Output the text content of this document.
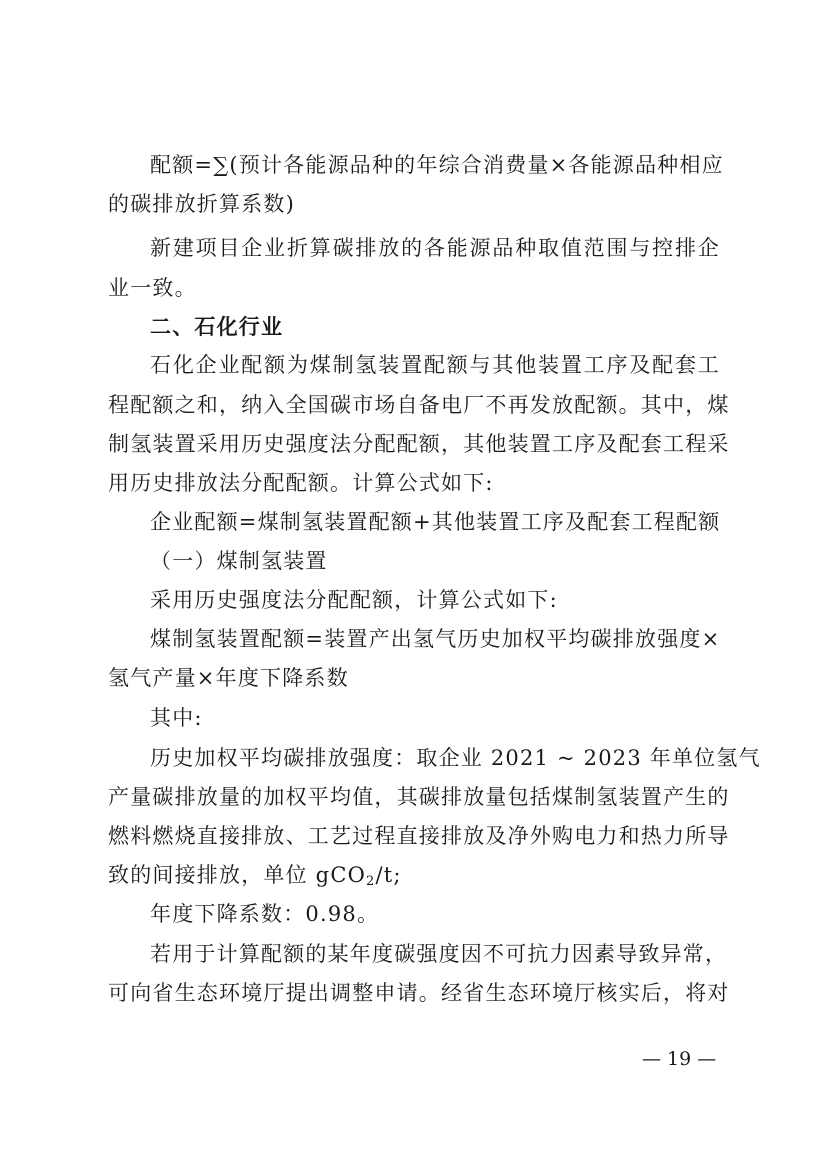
配额=∑(预计各能源品种的年综合消费量×各能源品种相应
的碳排放折算系数)
新建项目企业折算碳排放的各能源品种取值范围与控排企
业一致。
二、石化行业
石化企业配额为煤制氢装置配额与其他装置工序及配套工
程配额之和，纳入全国碳市场自备电厂不再发放配额。其中，煤
制氢装置采用历史强度法分配配额，其他装置工序及配套工程采
用历史排放法分配配额。计算公式如下:
企业配额=煤制氢装置配额+其他装置工序及配套工程配额
（一）煤制氢装置
采用历史强度法分配配额，计算公式如下:
煤制氢装置配额=装置产出氢气历史加权平均碳排放强度×
氢气产量×年度下降系数
其中:
历史加权平均碳排放强度：取企业 2021 ~ 2023 年单位氢气
产量碳排放量的加权平均值，其碳排放量包括煤制氢装置产生的
燃料燃烧直接排放、工艺过程直接排放及净外购电力和热力所导
致的间接排放，单位 gCO$_2$/t;
年度下降系数：0.98。
若用于计算配额的某年度碳强度因不可抗力因素导致异常，
可向省生态环境厅提出调整申请。经省生态环境厅核实后，将对
— 19 —
